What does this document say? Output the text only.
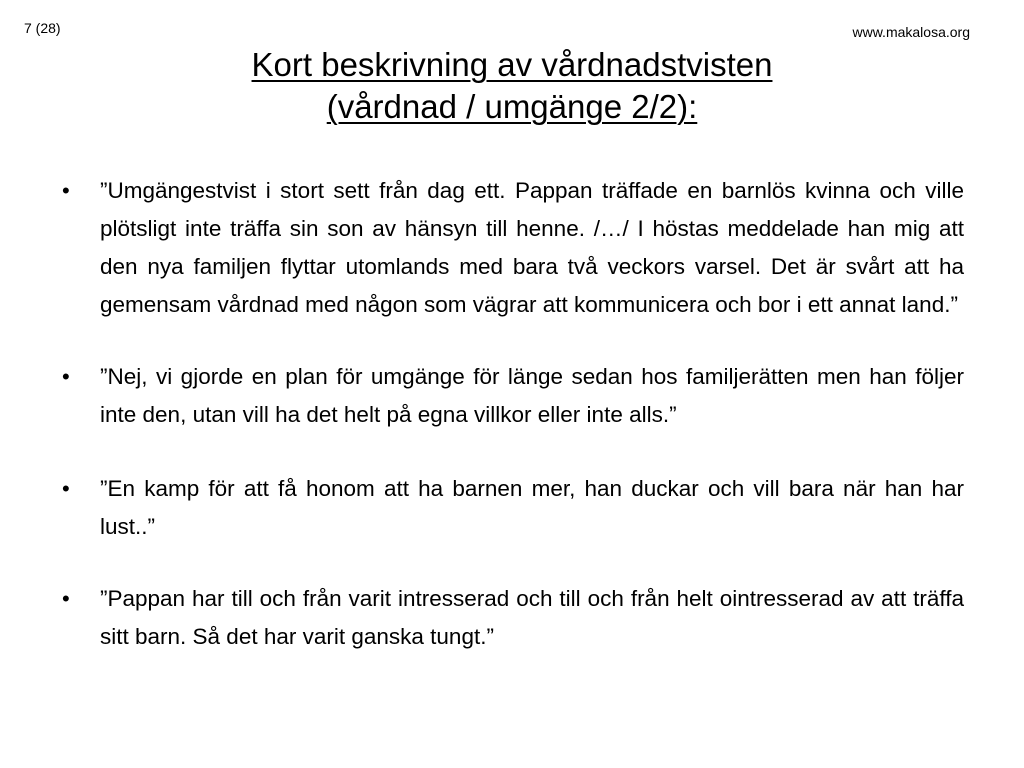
7 (28)	www.makalosa.org
Kort beskrivning av vårdnadstvisten
(vårdnad / umgänge 2/2):
• ”Umgängestvist i stort sett från dag ett. Pappan träffade en barnlös kvinna och ville plötsligt inte träffa sin son av hänsyn till henne. /…/ I höstas meddelade han mig att den nya familjen flyttar utomlands med bara två veckors varsel. Det är svårt att ha gemensam vårdnad med någon som vägrar att kommunicera och bor i ett annat land.”
• ”Nej, vi gjorde en plan för umgänge för länge sedan hos familjerätten men han följer inte den, utan vill ha det helt på egna villkor eller inte alls.”
• ”En kamp för att få honom att ha barnen mer, han duckar och vill bara när han har lust..”
• ”Pappan har till och från varit intresserad och till och från helt ointresserad av att träffa sitt barn. Så det har varit ganska tungt.”
